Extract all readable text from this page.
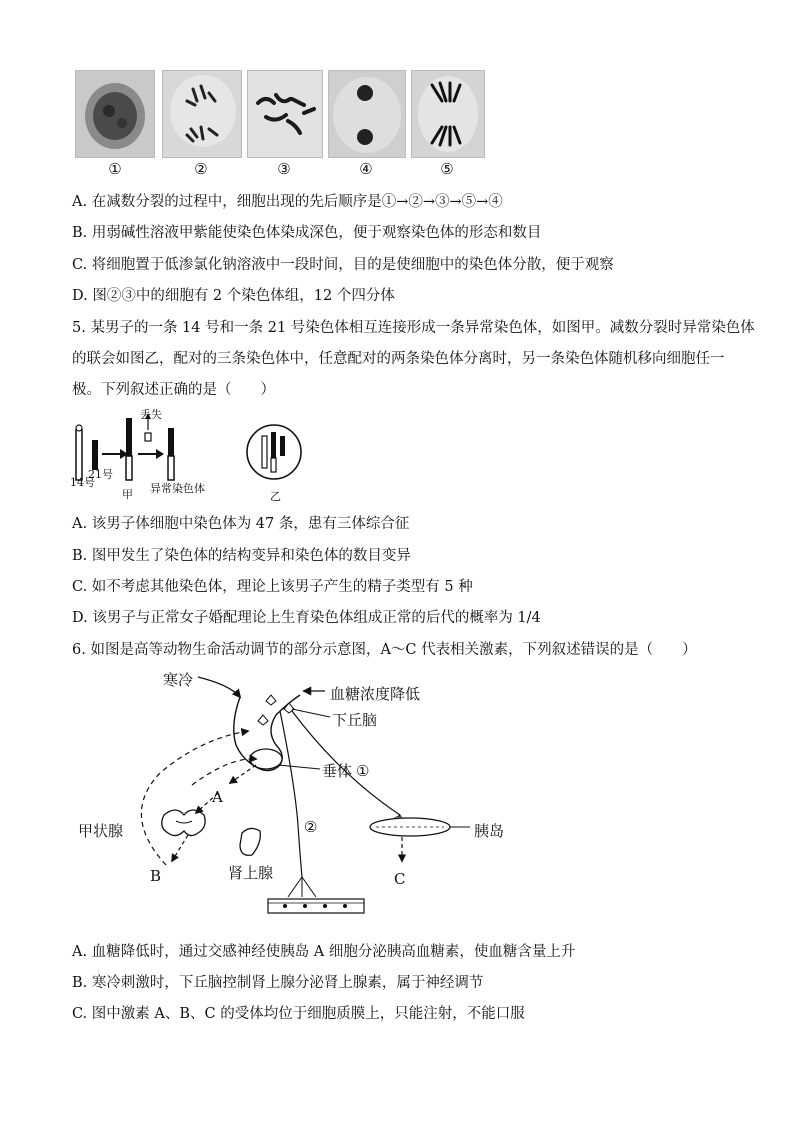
①	②	③	④	⑤
A. 在减数分裂的过程中，细胞出现的先后顺序是①→②→③→⑤→④
B. 用弱碱性溶液甲紫能使染色体染成深色，便于观察染色体的形态和数目
C. 将细胞置于低渗氯化钠溶液中一段时间，目的是使细胞中的染色体分散，便于观察
D. 图②③中的细胞有 2 个染色体组，12 个四分体
5. 某男子的一条 14 号和一条 21 号染色体相互连接形成一条异常染色体，如图甲。减数分裂时异常染色体
的联会如图乙，配对的三条染色体中，任意配对的两条染色体分离时，另一条染色体随机移向细胞任一
极。下列叙述正确的是（　　）
丢失
21号
14号
甲 异常染色体
乙
A. 该男子体细胞中染色体为 47 条，患有三体综合征
B. 图甲发生了染色体的结构变异和染色体的数目变异
C. 如不考虑其他染色体，理论上该男子产生的精子类型有 5 种
D. 该男子与正常女子婚配理论上生育染色体组成正常的后代的概率为 1/4
6. 如图是高等动物生命活动调节的部分示意图，A～C 代表相关激素，下列叙述错误的是（　　）
寒冷
血糖浓度降低
下丘脑
垂体 ①
A
甲状腺	②	胰岛
肾上腺
B	C
A. 血糖降低时，通过交感神经使胰岛 A 细胞分泌胰高血糖素，使血糖含量上升
B. 寒冷刺激时，下丘脑控制肾上腺分泌肾上腺素，属于神经调节
C. 图中激素 A、B、C 的受体均位于细胞质膜上，只能注射，不能口服
